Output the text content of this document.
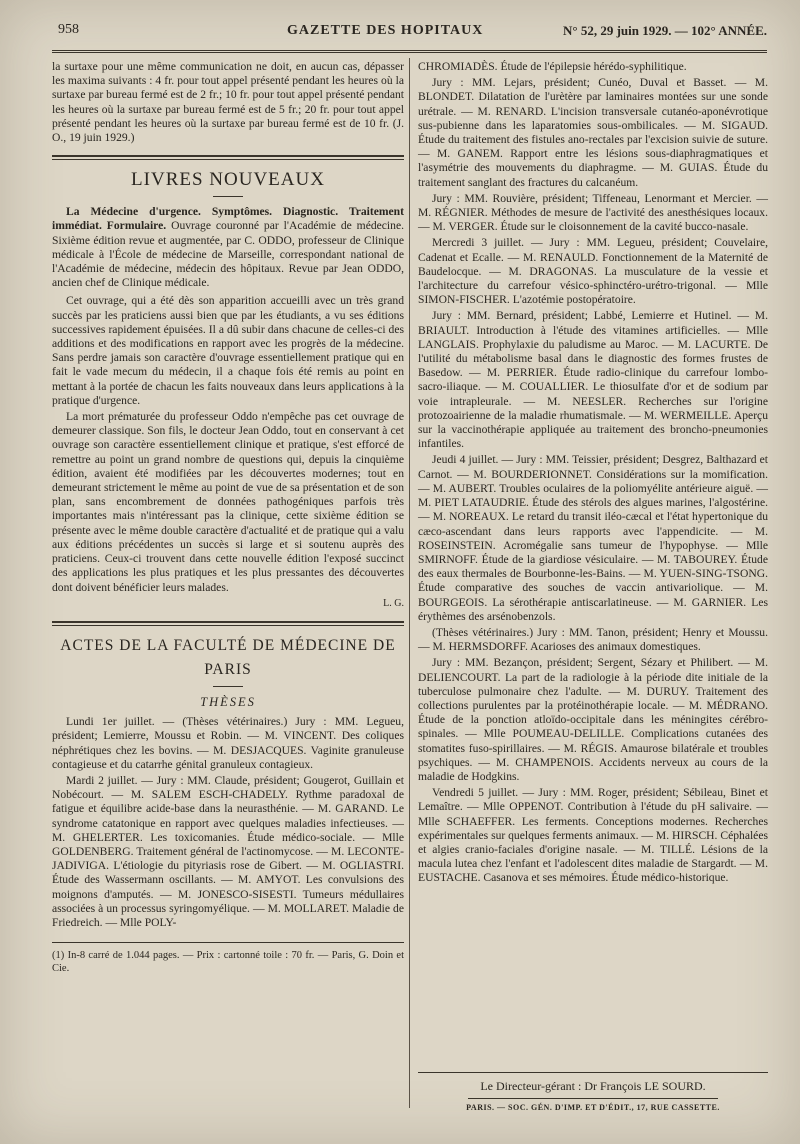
958	GAZETTE DES HOPITAUX	N° 52, 29 juin 1929. — 102° ANNÉE.

la surtaxe pour une même communication ne doit, en aucun cas, dépasser les maxima suivants : 4 fr. pour tout appel présenté pendant les heures où la surtaxe par bureau fermé est de 2 fr.; 10 fr. pour tout appel présenté pendant les heures où la surtaxe par bureau fermé est de 5 fr.; 20 fr. pour tout appel présenté pendant les heures où la surtaxe par bureau fermé est de 10 fr. (J. O., 19 juin 1929.)

LIVRES NOUVEAUX

La Médecine d'urgence. Symptômes. Diagnostic. Traitement immédiat. Formulaire. Ouvrage couronné par l'Académie de médecine. Sixième édition revue et augmentée, par C. ODDO, professeur de Clinique médicale à l'École de médecine de Marseille, correspondant national de l'Académie de médecine, médecin des hôpitaux. Revue par Jean ODDO, ancien chef de Clinique médicale.

Cet ouvrage, qui a été dès son apparition accueilli avec un très grand succès par les praticiens aussi bien que par les étudiants, a vu ses éditions successives rapidement épuisées. Il a dû subir dans chacune de celles-ci des additions et des modifications en rapport avec les progrès de la médecine. Sans perdre jamais son caractère d'ouvrage essentiellement pratique qui en fait le vade mecum du médecin, il a chaque fois été remis au point en mettant à la portée de chacun les faits nouveaux dans leurs applications à la pratique d'urgence.

La mort prématurée du professeur Oddo n'empêche pas cet ouvrage de demeurer classique. Son fils, le docteur Jean Oddo, tout en conservant à cet ouvrage son caractère essentiellement clinique et pratique, s'est efforcé de remettre au point un grand nombre de questions qui, depuis la cinquième édition, avaient été modifiées par les découvertes modernes; tout en demeurant strictement le même au point de vue de sa présentation et de son plan, sans encombrement de données pathogéniques parfois très importantes mais n'intéressant pas la clinique, cette sixième édition se présente avec le même double caractère d'actualité et de pratique qui a valu aux éditions précédentes un succès si large et si soutenu auprès des praticiens. Ceux-ci trouvent dans cette nouvelle édition l'exposé succinct des applications les plus pratiques et les plus pressantes des découvertes dont doivent bénéficier leurs malades.

L. G.
ACTES DE LA FACULTÉ DE MÉDECINE DE PARIS
THÈSES

Lundi 1er juillet. — (Thèses vétérinaires.) Jury : MM. Legueu, président; Lemierre, Moussu et Robin. — M. VINCENT. Des coliques néphrétiques chez les bovins. — M. DESJACQUES. Vaginite granuleuse contagieuse et du catarrhe génital granuleux contagieux.

Mardi 2 juillet. — Jury : MM. Claude, président; Gougerot, Guillain et Nobécourt. — M. SALEM ESCH-CHADELY. Rythme paradoxal de fatigue et équilibre acide-base dans la neurasthénie. — M. GARAND. Le syndrome catatonique en rapport avec quelques maladies infectieuses. — M. GHELERTER. Les toxicomanies. Étude médico-sociale. — Mlle GOLDENBERG. Traitement général de l'actinomycose. — M. LECONTE-JADIVIGA. L'étiologie du pityriasis rose de Gibert. — M. OGLIASTRI. Étude des Wassermann oscillants. — M. AMYOT. Les convulsions des moignons d'amputés. — M. JONESCO-SISESTI. Tumeurs médullaires associées à un processus syringomyélique. — M. MOLLARET. Maladie de Friedreich. — Mlle POLY-

(1) In-8 carré de 1.044 pages. — Prix : cartonné toile : 70 fr. — Paris, G. Doin et Cie.

CHROMIADÈS. Étude de l'épilepsie hérédo-syphilitique.

Jury : MM. Lejars, président; Cunéo, Duval et Basset. — M. BLONDET. Dilatation de l'urètère par laminaires montées sur une sonde urétrale. — M. RENARD. L'incision transversale cutanéo-aponévrotique sus-pubienne dans les laparatomies sous-ombilicales. — M. SIGAUD. Étude du traitement des fistules ano-rectales par l'excision suivie de suture. — M. GANEM. Rapport entre les lésions sous-diaphragmatiques et l'asymétrie des mouvements du diaphragme. — M. GUIAS. Étude du traitement sanglant des fractures du calcanéum.

Jury : MM. Rouvière, président; Tiffeneau, Lenormant et Mercier. — M. RÉGNIER. Méthodes de mesure de l'activité des anesthésiques locaux. — M. VERGER. Étude sur le cloisonnement de la cavité bucco-nasale.

Mercredi 3 juillet. — Jury : MM. Legueu, président; Couvelaire, Cadenat et Ecalle. — M. RENAULD. Fonctionnement de la Maternité de Baudelocque. — M. DRAGONAS. La musculature de la vessie et l'architecture du carrefour vésico-sphinctéro-urétro-trigonal. — Mlle SIMON-FISCHER. L'azotémie postopératoire.

Jury : MM. Bernard, président; Labbé, Lemierre et Hutinel. — M. BRIAULT. Introduction à l'étude des vitamines artificielles. — Mlle LANGLAIS. Prophylaxie du paludisme au Maroc. — M. LACURTE. De l'utilité du métabolisme basal dans le diagnostic des formes frustes de Basedow. — M. PERRIER. Étude radio-clinique du carrefour lombo-sacro-iliaque. — M. COUALLIER. Le thiosulfate d'or et de sodium par voie intrapleurale. — M. NEESLER. Recherches sur l'origine protozoairienne de la maladie rhumatismale. — M. WERMEILLE. Aperçu sur la vaccinothérapie appliquée au traitement des broncho-pneumonies infantiles.

Jeudi 4 juillet. — Jury : MM. Teissier, président; Desgrez, Balthazard et Carnot. — M. BOURDERIONNET. Considérations sur la momification. — M. AUBERT. Troubles oculaires de la poliomyélite antérieure aiguë. — M. PIET LATAUDRIE. Étude des stérols des algues marines, l'algostérine. — M. NOREAUX. Le retard du transit iléo-cæcal et l'état hypertonique du cæco-ascendant dans leurs rapports avec l'appendicite. — M. ROSEINSTEIN. Acromégalie sans tumeur de l'hypophyse. — Mlle SMIRNOFF. Étude de la giardiose vésiculaire. — M. TABOUREY. Étude des eaux thermales de Bourbonne-les-Bains. — M. YUEN-SING-TSONG. Étude comparative des souches de vaccin antivariolique. — M. BOURGEOIS. La sérothérapie antiscarlatineuse. — M. GARNIER. Les érythèmes des arsénobenzols.

(Thèses vétérinaires.) Jury : MM. Tanon, président; Henry et Moussu. — M. HERMSDORFF. Acarioses des animaux domestiques.

Jury : MM. Bezançon, président; Sergent, Sézary et Philibert. — M. DELIENCOURT. La part de la radiologie à la période dite initiale de la tuberculose pulmonaire chez l'adulte. — M. DURUY. Traitement des collections purulentes par la protéinothérapie locale. — M. MÉDRANO. Étude de la ponction atloïdo-occipitale dans les méningites cérébro-spinales. — Mlle POUMEAU-DELILLE. Complications cutanées des stomatites fuso-spirillaires. — M. RÉGIS. Amaurose bilatérale et troubles psychiques. — M. CHAMPENOIS. Accidents nerveux au cours de la maladie de Hodgkins.

Vendredi 5 juillet. — Jury : MM. Roger, président; Sébileau, Binet et Lemaître. — Mlle OPPENOT. Contribution à l'étude du pH salivaire. — Mlle SCHAEFFER. Les ferments. Conceptions modernes. Recherches expérimentales sur quelques ferments animaux. — M. HIRSCH. Céphalées et algies cranio-faciales d'origine nasale. — M. TILLÉ. Lésions de la macula lutea chez l'enfant et l'adolescent dites maladie de Stargardt. — M. EUSTACHE. Casanova et ses mémoires. Étude médico-historique.

Le Directeur-gérant : Dr François LE SOURD.
PARIS. — SOC. GÉN. D'IMP. ET D'ÉDIT., 17, RUE CASSETTE.
